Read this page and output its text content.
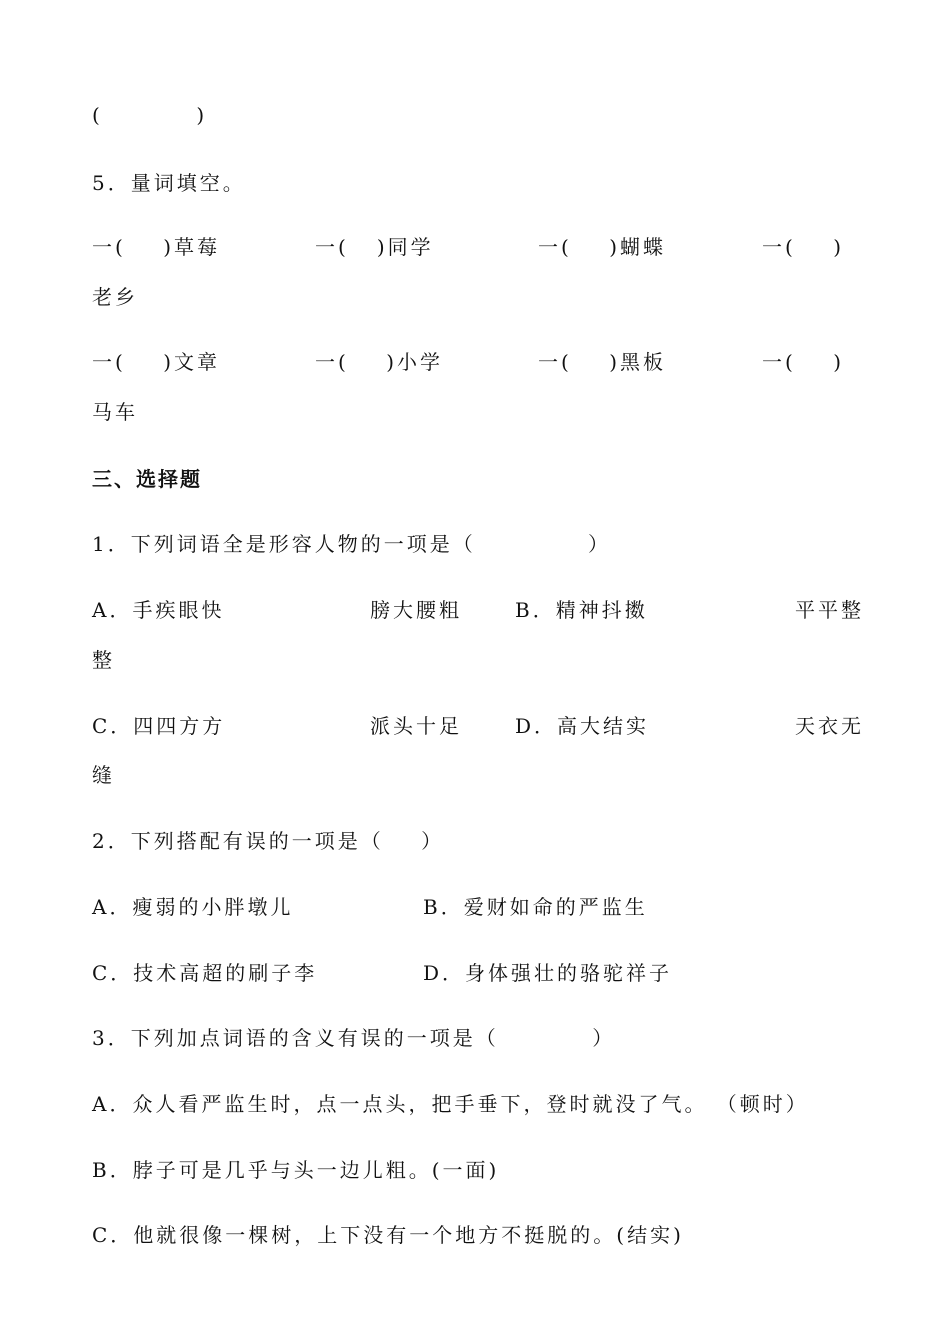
(          )
5．量词填空。
一(    )草莓	一(   )同学	一(    )蝴蝶	一(    )
老乡
一(    )文章	一(    )小学	一(    )黑板	一(    )
马车
三、选择题
1．下列词语全是形容人物的一项是（            ）
A．手疾眼快	膀大腰粗	B．精神抖擞	平平整
整
C．四四方方	派头十足	D．高大结实	天衣无
缝
2．下列搭配有误的一项是（    ）
A．瘦弱的小胖墩儿	B．爱财如命的严监生
C．技术高超的刷子李	D．身体强壮的骆驼祥子
3．下列加点词语的含义有误的一项是（          ）
A．众人看严监生时，点一点头，把手垂下，登时就没了气。 （顿时）
B．脖子可是几乎与头一边儿粗。(一面)
C．他就很像一棵树，上下没有一个地方不挺脱的。(结实)
